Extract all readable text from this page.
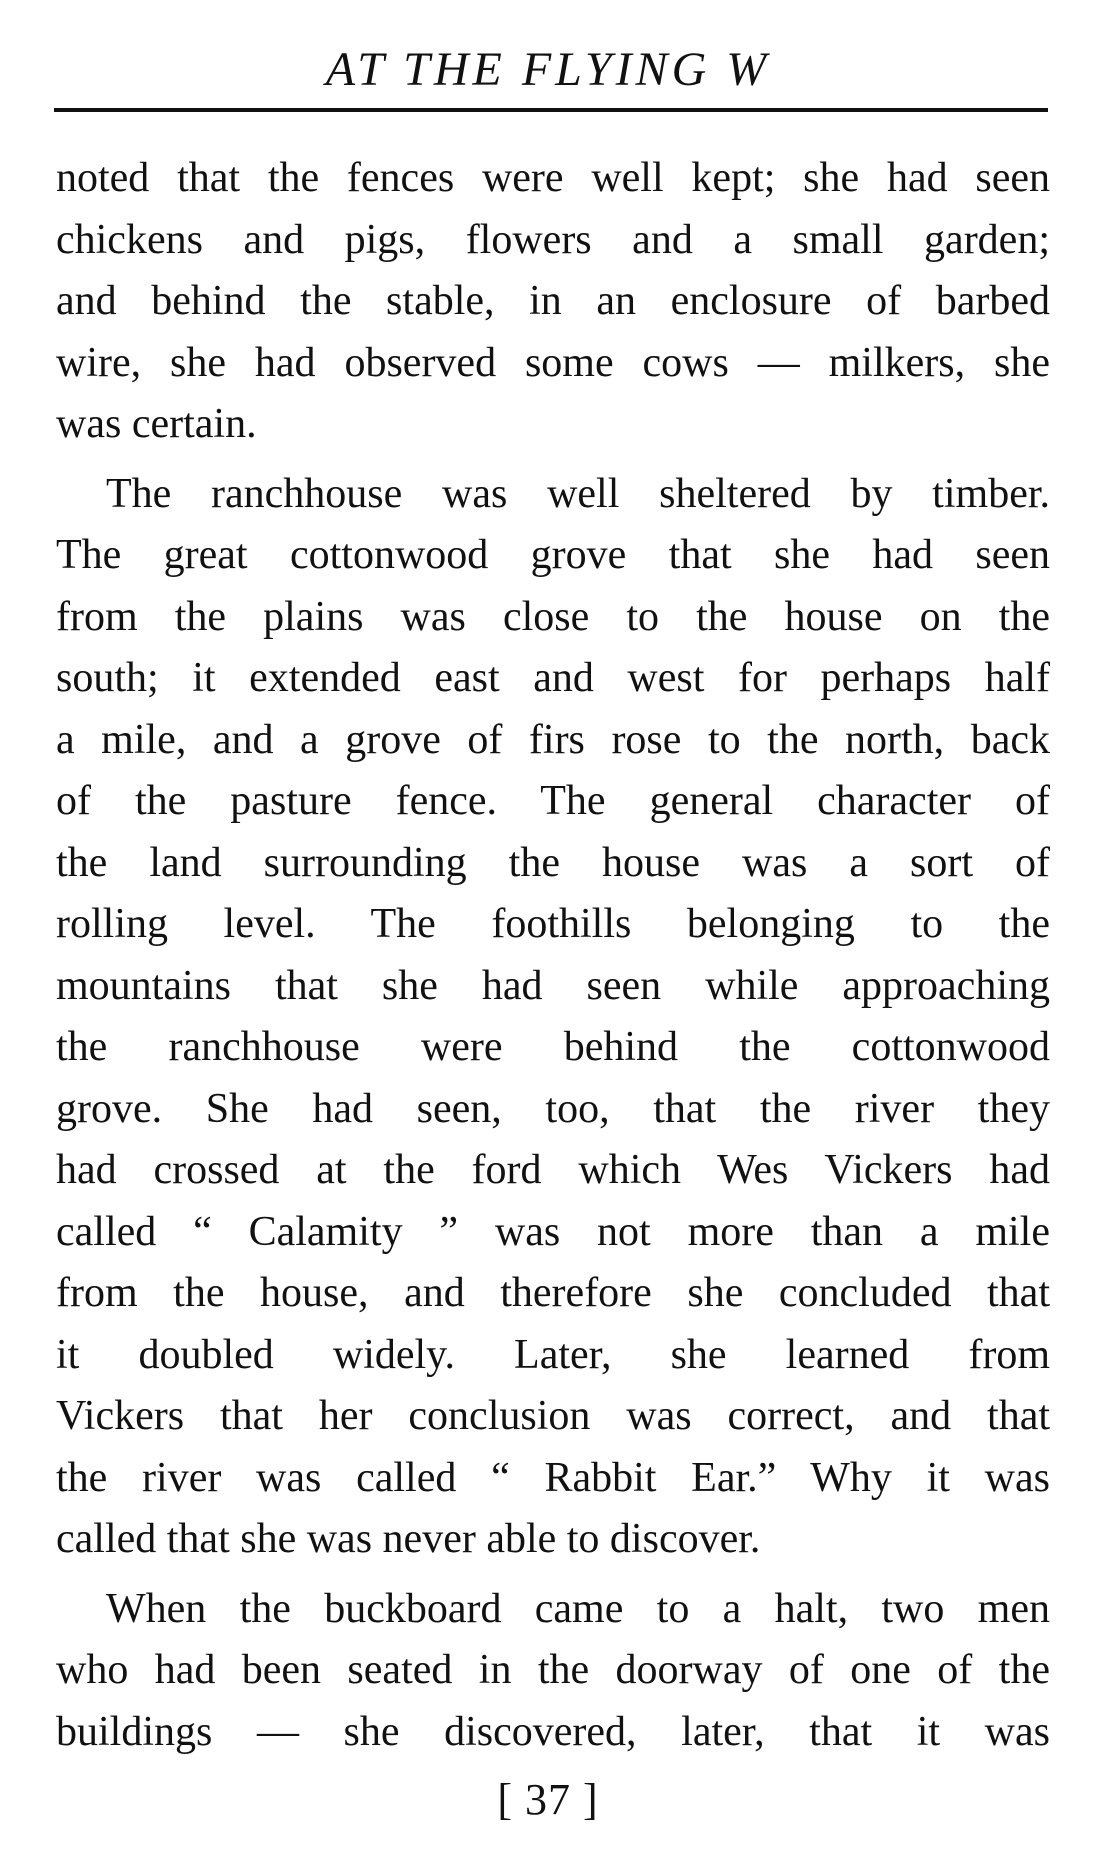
AT THE FLYING W

noted that the fences were well kept; she had seen
chickens and pigs, flowers and a small garden;
and behind the stable, in an enclosure of barbed
wire, she had observed some cows — milkers, she
was certain.

The ranchhouse was well sheltered by timber.
The great cottonwood grove that she had seen
from the plains was close to the house on the
south; it extended east and west for perhaps half
a mile, and a grove of firs rose to the north, back
of the pasture fence. The general character of
the land surrounding the house was a sort of
rolling level. The foothills belonging to the
mountains that she had seen while approaching
the ranchhouse were behind the cottonwood
grove. She had seen, too, that the river they
had crossed at the ford which Wes Vickers had
called “ Calamity ” was not more than a mile
from the house, and therefore she concluded that
it doubled widely. Later, she learned from
Vickers that her conclusion was correct, and that
the river was called “ Rabbit Ear.” Why it was
called that she was never able to discover.

When the buckboard came to a halt, two men
who had been seated in the doorway of one of the
buildings — she discovered, later, that it was

[ 37 ]
